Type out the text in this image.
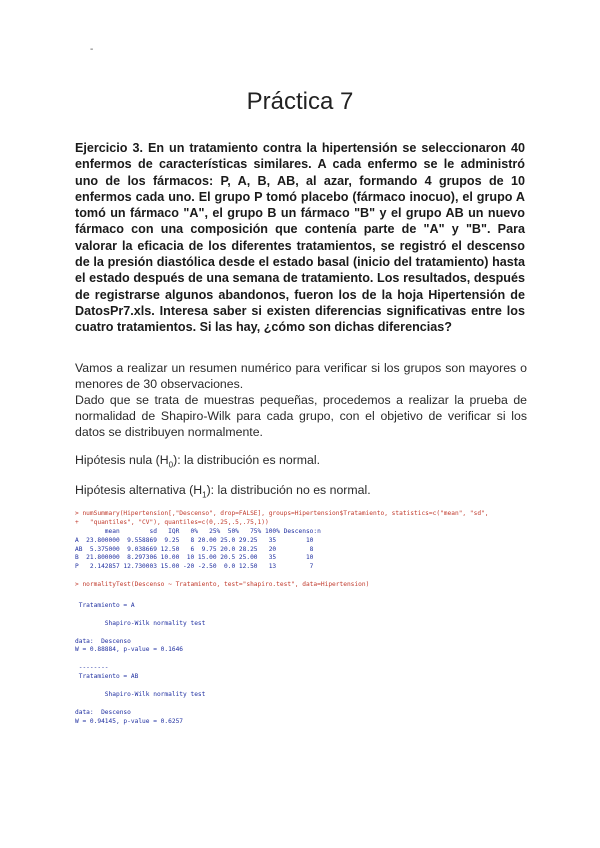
-
Práctica 7
Ejercicio 3. En un tratamiento contra la hipertensión se seleccionaron 40 enfermos de características similares. A cada enfermo se le administró uno de los fármacos: P, A, B, AB, al azar, formando 4 grupos de 10 enfermos cada uno. El grupo P tomó placebo (fármaco inocuo), el grupo A tomó un fármaco "A", el grupo B un fármaco "B" y el grupo AB un nuevo fármaco con una composición que contenía parte de "A" y "B". Para valorar la eficacia de los diferentes tratamientos, se registró el descenso de la presión diastólica desde el estado basal (inicio del tratamiento) hasta el estado después de una semana de tratamiento. Los resultados, después de registrarse algunos abandonos, fueron los de la hoja Hipertensión de DatosPr7.xls. Interesa saber si existen diferencias significativas entre los cuatro tratamientos. Si las hay, ¿cómo son dichas diferencias?
Vamos a realizar un resumen numérico para verificar si los grupos son mayores o menores de 30 observaciones.
Dado que se trata de muestras pequeñas, procedemos a realizar la prueba de normalidad de Shapiro-Wilk para cada grupo, con el objetivo de verificar si los datos se distribuyen normalmente.
Hipótesis nula $(H_0)$: la distribución es normal.
Hipótesis alternativa $(H_1)$: la distribución no es normal.
> numSummary(Hipertension[,"Descenso", drop=FALSE], groups=Hipertension$Tratamiento, statistics=c("mean", "sd",
+   "quantiles", "CV"), quantiles=c(0,.25,.5,.75,1))
mean        sd   IQR   0%   25%  50%   75% 100% Descenso:n
A  23.800000  9.558869  9.25   8 20.00 25.0 29.25   35        10
AB  5.375000  9.038669 12.50   6  9.75 20.0 28.25   20         8
B  21.800000  8.297306 10.00  10 15.00 20.5 25.00   35        10
P   2.142857 12.730003 15.00 -20 -2.50  0.0 12.50   13         7
> normalityTest(Descenso ~ Tratamiento, test="shapiro.test", data=Hipertension)
Tratamiento = A
Shapiro-Wilk normality test
data:  Descenso
W = 0.88884, p-value = 0.1646
--------
Tratamiento = AB
Shapiro-Wilk normality test
data:  Descenso
W = 0.94145, p-value = 0.6257
